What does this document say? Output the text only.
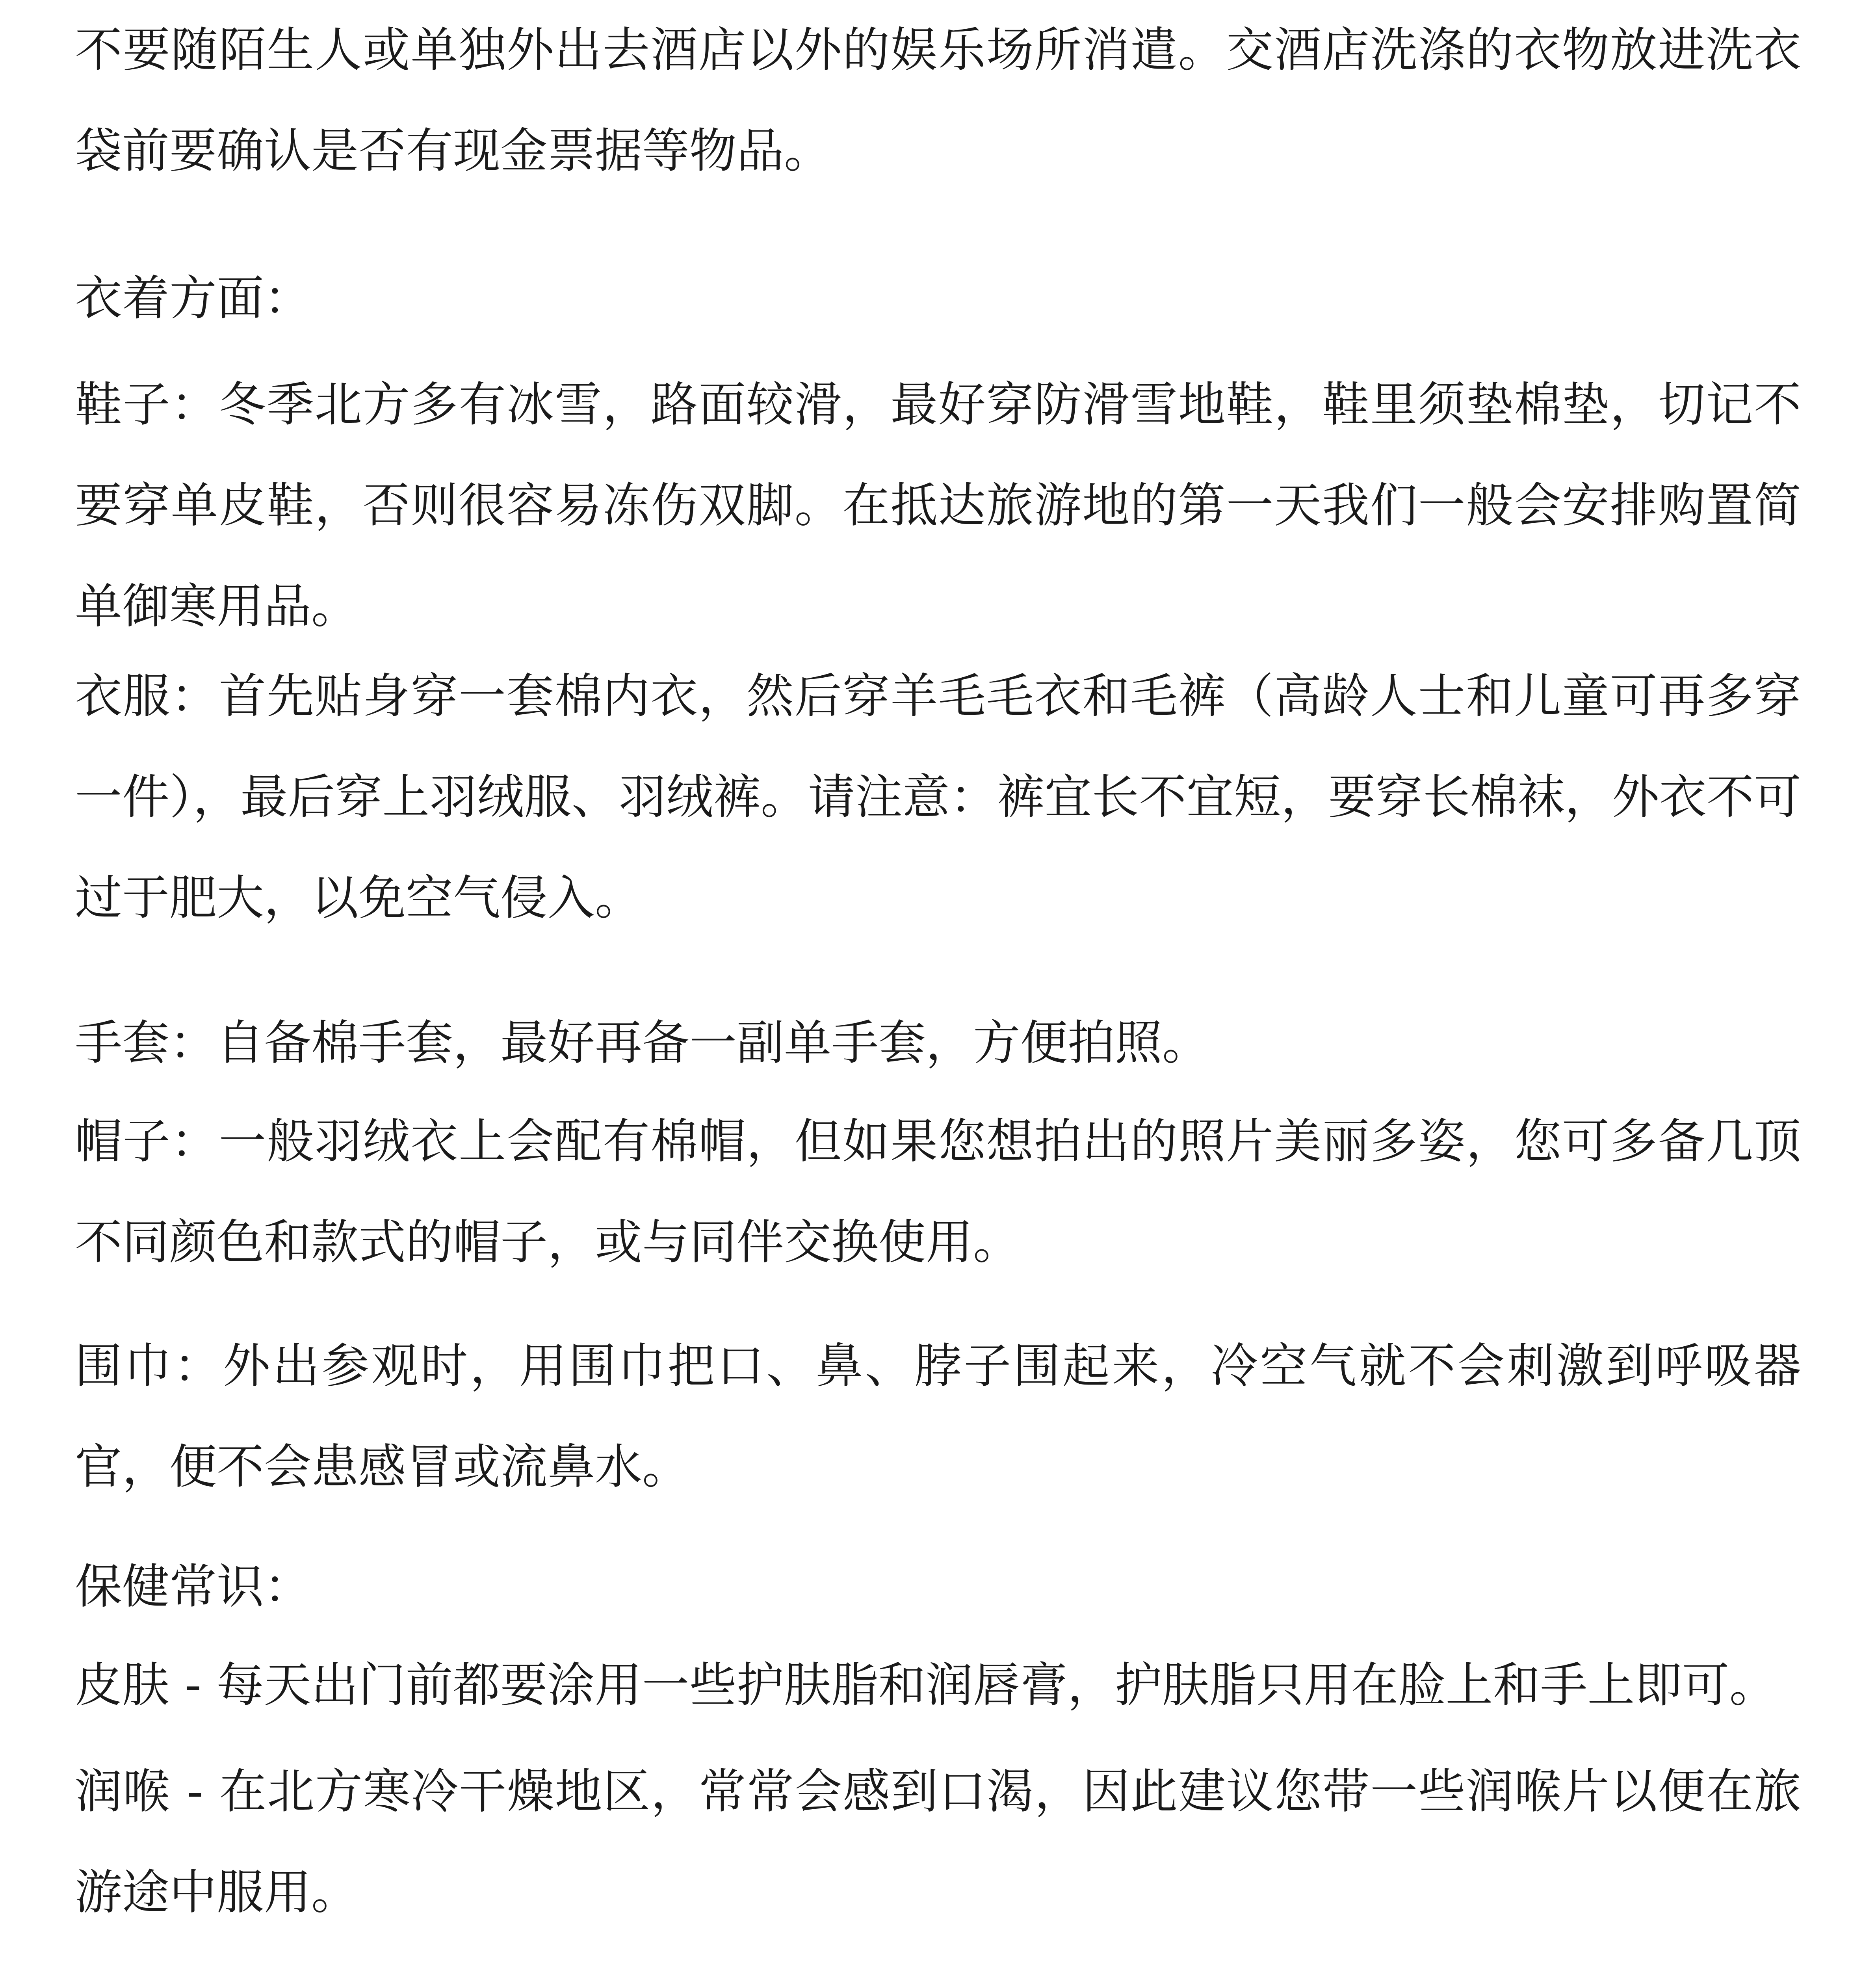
不要随陌生人或单独外出去酒店以外的娱乐场所消遣。交酒店洗涤的衣物放进洗衣袋前要确认是否有现金票据等物品。

衣着方面：

鞋子：冬季北方多有冰雪，路面较滑，最好穿防滑雪地鞋，鞋里须垫棉垫，切记不要穿单皮鞋，否则很容易冻伤双脚。在抵达旅游地的第一天我们一般会安排购置简单御寒用品。

衣服：首先贴身穿一套棉内衣，然后穿羊毛毛衣和毛裤（高龄人士和儿童可再多穿一件），最后穿上羽绒服、羽绒裤。请注意：裤宜长不宜短，要穿长棉袜，外衣不可过于肥大，以免空气侵入。

手套：自备棉手套，最好再备一副单手套，方便拍照。

帽子：一般羽绒衣上会配有棉帽，但如果您想拍出的照片美丽多姿，您可多备几顶不同颜色和款式的帽子，或与同伴交换使用。

围巾：外出参观时，用围巾把口、鼻、脖子围起来，冷空气就不会刺激到呼吸器官，便不会患感冒或流鼻水。

保健常识：

皮肤 - 每天出门前都要涂用一些护肤脂和润唇膏，护肤脂只用在脸上和手上即可。

润喉 - 在北方寒冷干燥地区，常常会感到口渴，因此建议您带一些润喉片以便在旅游途中服用。
